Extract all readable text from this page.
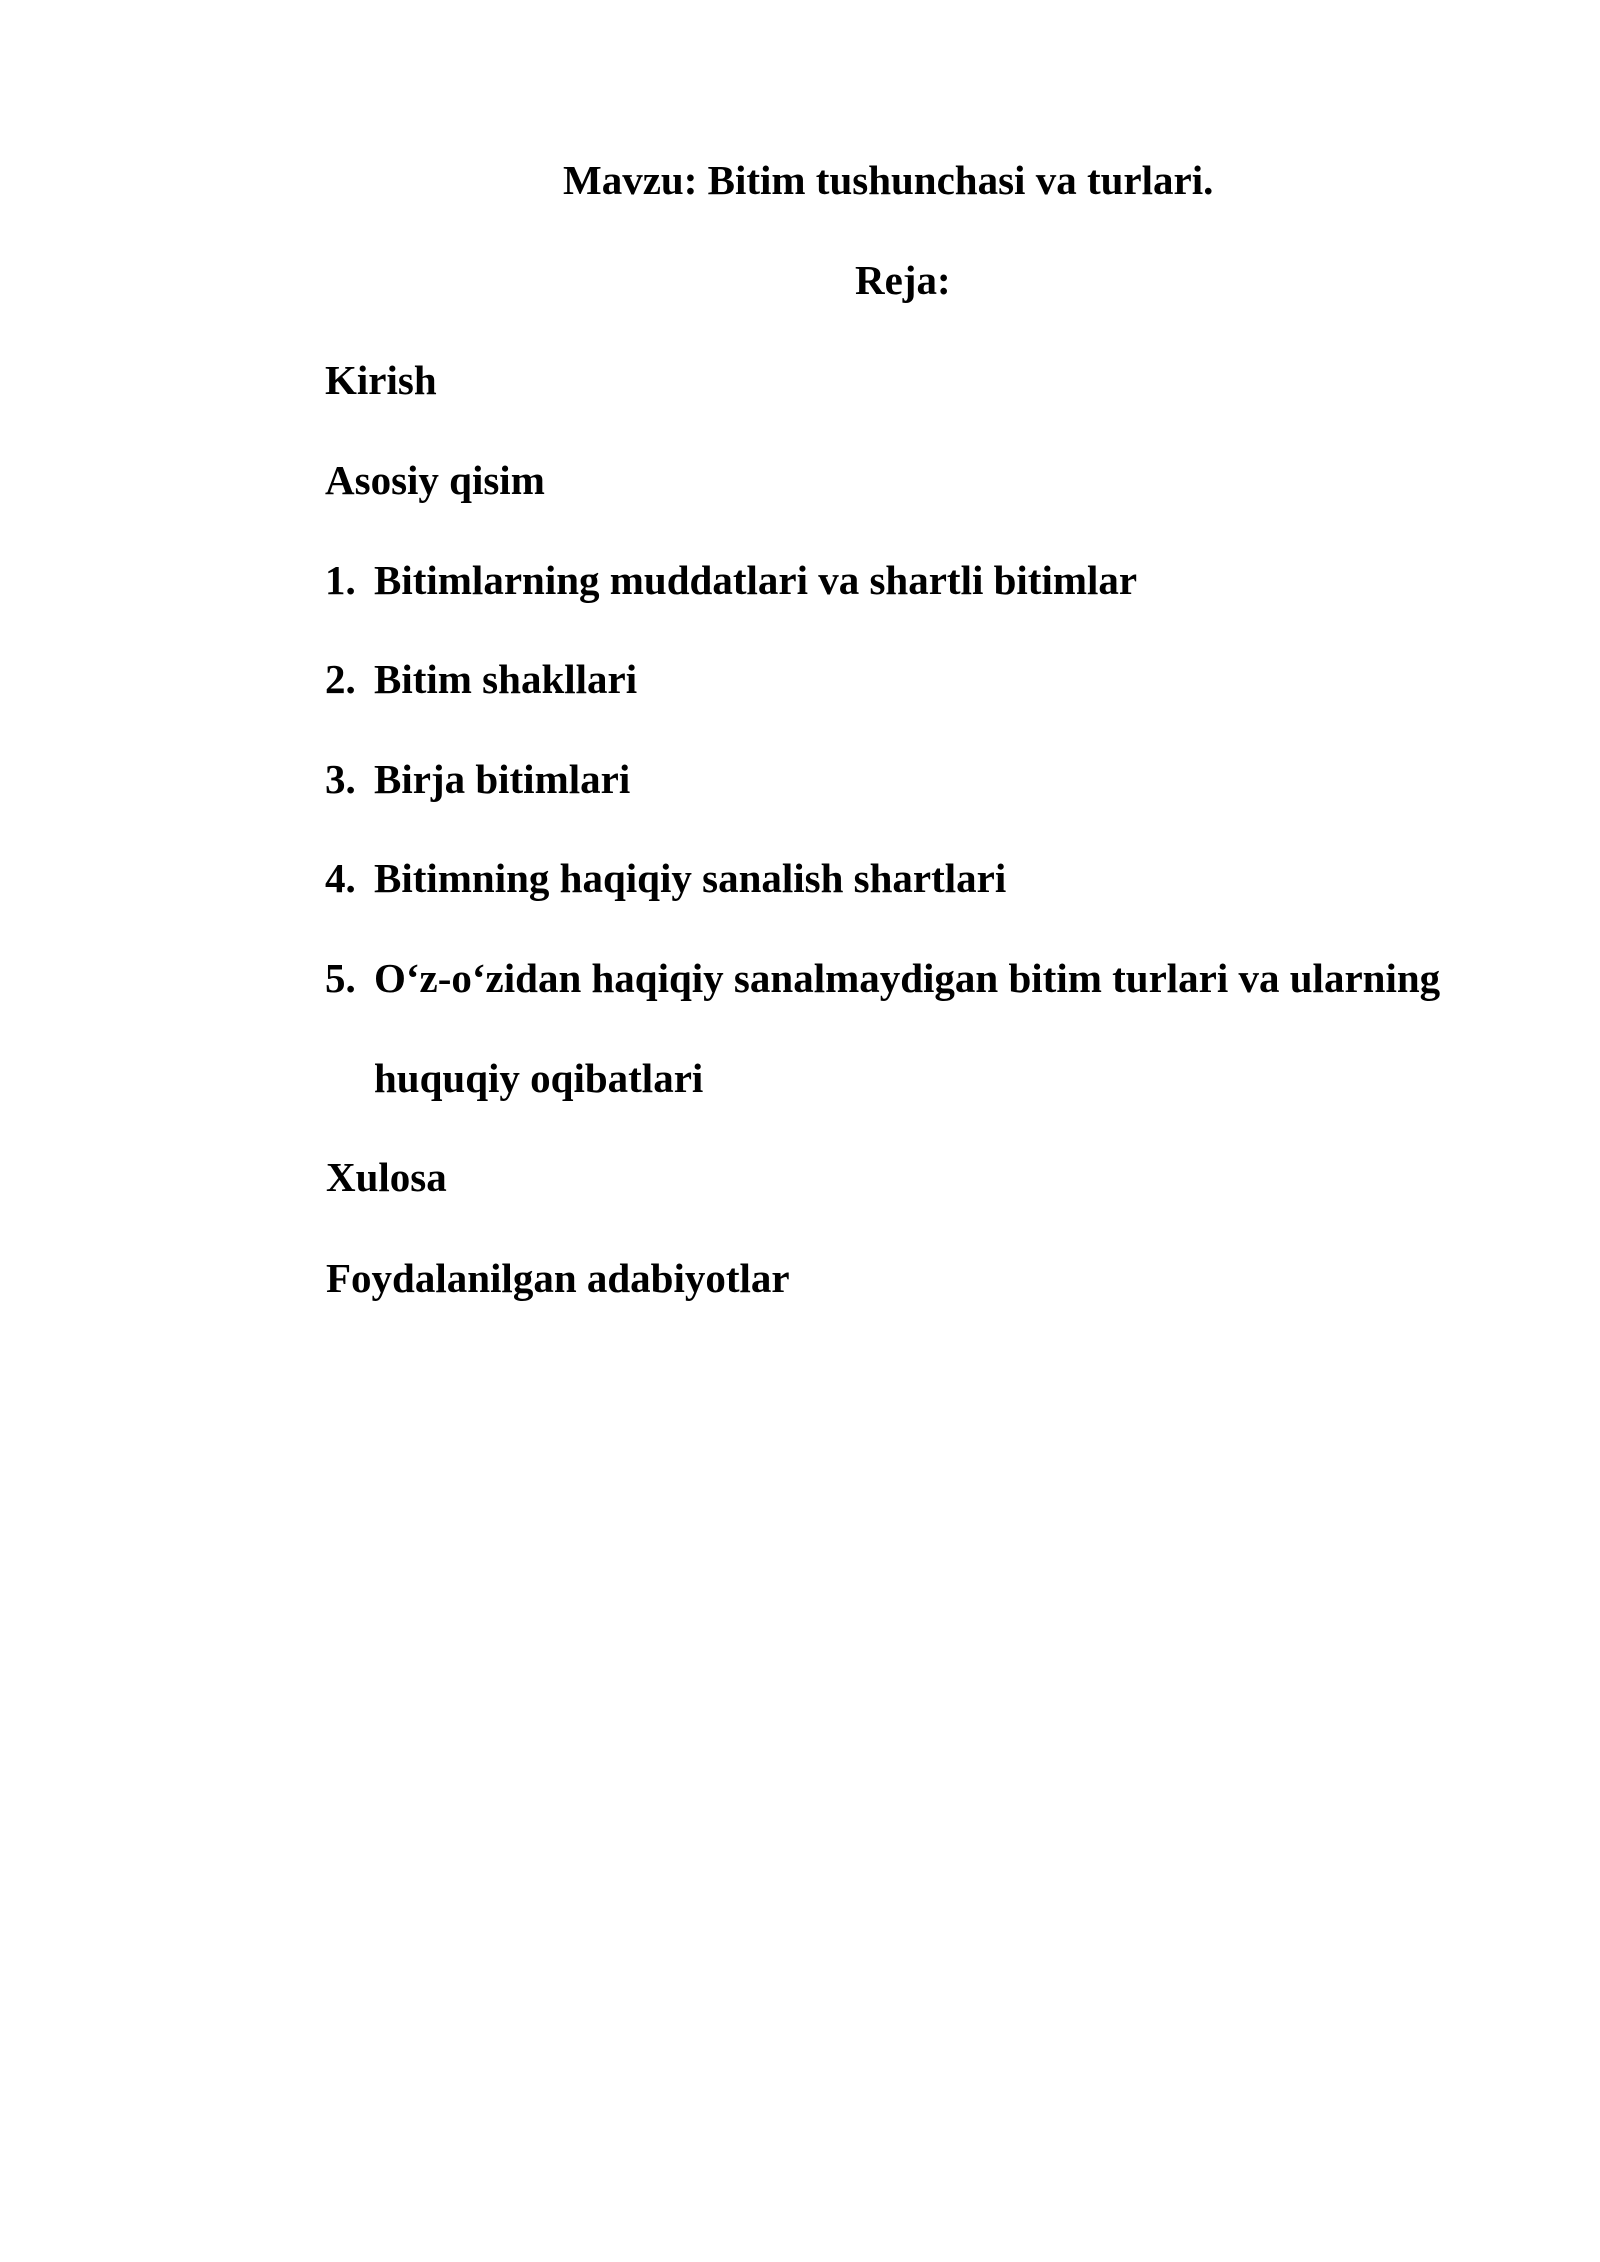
Mavzu: Bitim tushunchasi va turlari.
Reja:
Kirish
Asosiy qisim
1. Bitimlarning muddatlari va shartli bitimlar
2. Bitim shakllari
3. Birja bitimlari
4. Bitimning haqiqiy sanalish shartlari
5. O‘z-o‘zidan haqiqiy sanalmaydigan bitim turlari va ularning
huquqiy oqibatlari
Xulosa
Foydalanilgan adabiyotlar
